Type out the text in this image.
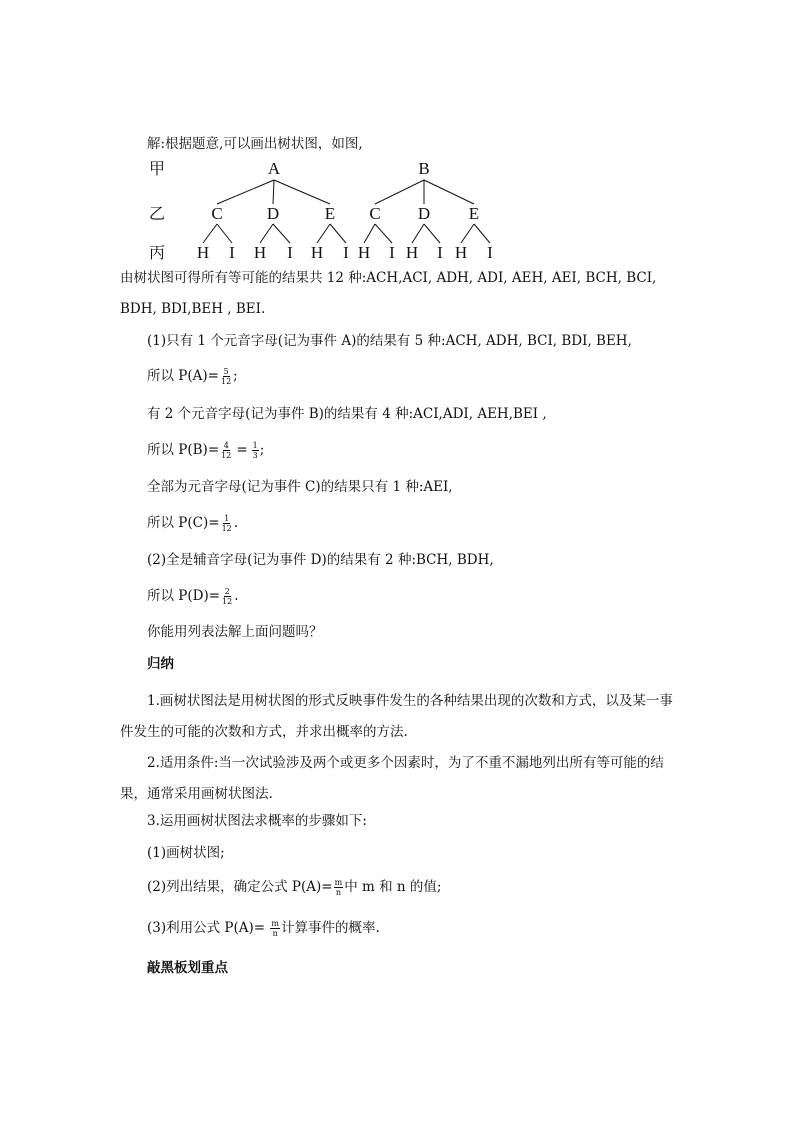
解:根据题意,可以画出树状图，如图,
甲
乙
丙
A	B
C	D	E C D E
H I H I H I H I H I H I
由树状图可得所有等可能的结果共 12 种:ACH,ACI, ADH, ADI, AEH, AEI, BCH, BCI,
BDH, BDI,BEH , BEI.
(1)只有 1 个元音字母(记为事件 A)的结果有 5 种:ACH, ADH, BCI, BDI, BEH,
所以 $P(A)= \frac{5}{12}$ ;
有 2 个元音字母(记为事件 B)的结果有 4 种:ACI,ADI, AEH,BEI ,
所以 $P(B)= \frac{4}{12} = \frac{1}{3}$ ;
全部为元音字母(记为事件 C)的结果只有 1 种:AEI,
所以 $P(C)= \frac{1}{12}$ .
(2)全是辅音字母(记为事件 D)的结果有 2 种:BCH, BDH,
所以 $P(D)= \frac{2}{12}$ .
你能用列表法解上面问题吗？
归纳
1.画树状图法是用树状图的形式反映事件发生的各种结果出现的次数和方式，以及某一事件发生的可能的次数和方式，并求出概率的方法.
2.适用条件:当一次试验涉及两个或更多个因素时，为了不重不漏地列出所有等可能的结果，通常采用画树状图法.
3.运用画树状图法求概率的步骤如下:
(1)画树状图;
(2)列出结果，确定公式 $P(A)= \frac{m}{n}$ 中 m 和 n 的值;
(3)利用公式 $P(A)= \frac{m}{n}$ 计算事件的概率.
敲黑板划重点
